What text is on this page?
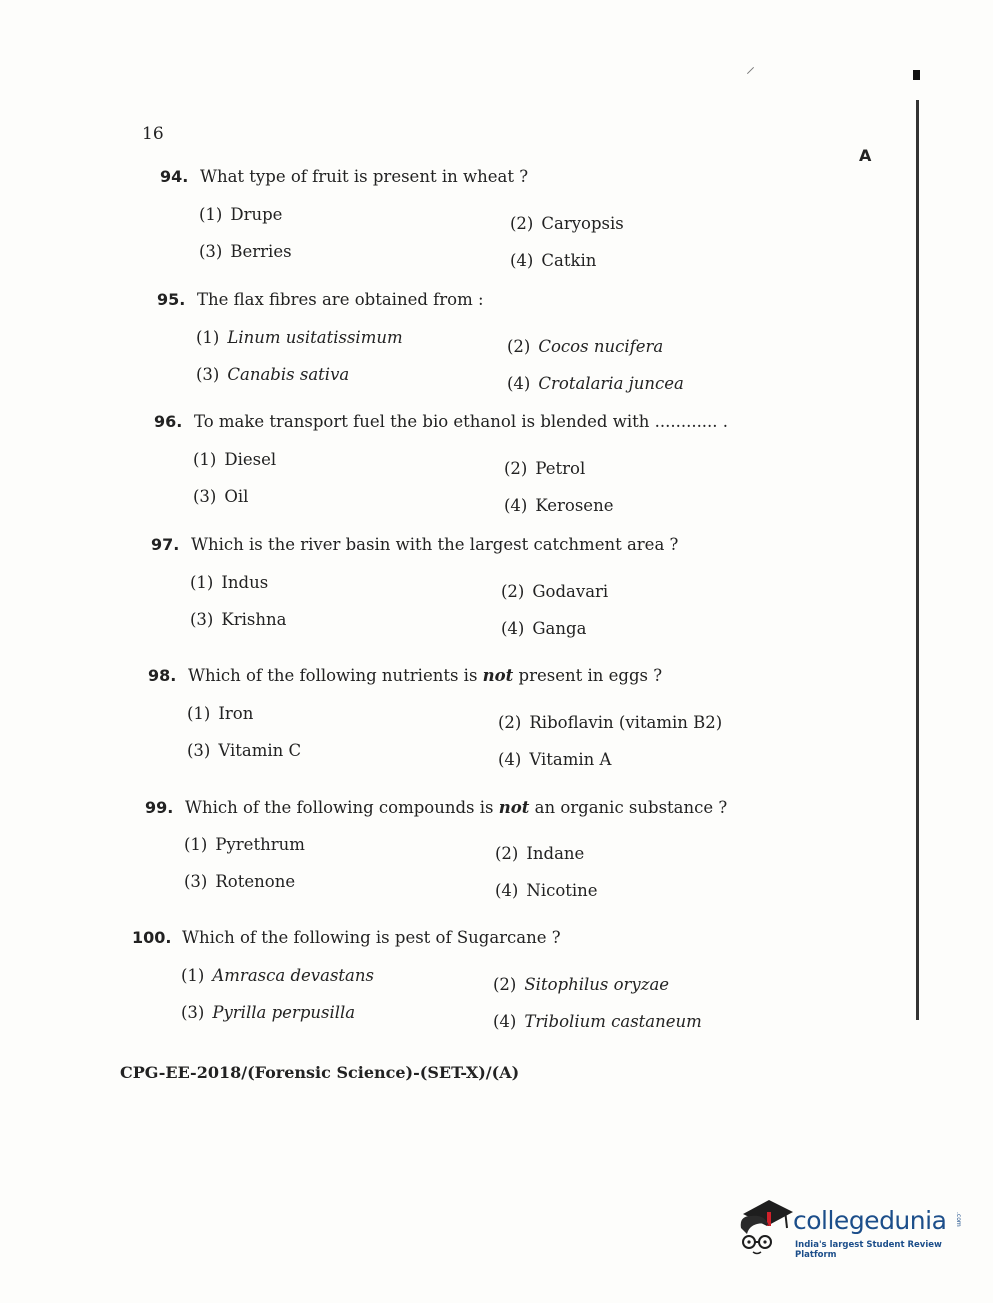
16
A
94. What type of fruit is present in wheat ?
(1) Drupe	(2) Caryopsis
(3) Berries	(4) Catkin
95. The flax fibres are obtained from :
(1) Linum usitatissimum	(2) Cocos nucifera
(3) Canabis sativa	(4) Crotalaria juncea
96. To make transport fuel the bio ethanol is blended with ............ .
(1) Diesel	(2) Petrol
(3) Oil	(4) Kerosene
97. Which is the river basin with the largest catchment area ?
(1) Indus	(2) Godavari
(3) Krishna	(4) Ganga
98. Which of the following nutrients is not present in eggs ?
(1) Iron	(2) Riboflavin (vitamin B2)
(3) Vitamin C	(4) Vitamin A
99. Which of the following compounds is not an organic substance ?
(1) Pyrethrum	(2) Indane
(3) Rotenone	(4) Nicotine
100. Which of the following is pest of Sugarcane ?
(1) Amrasca devastans	(2) Sitophilus oryzae
(3) Pyrilla perpusilla	(4) Tribolium castaneum
CPG-EE-2018/(Forensic Science)-(SET-X)/(A)
collegedunia .com
India's largest Student Review Platform
